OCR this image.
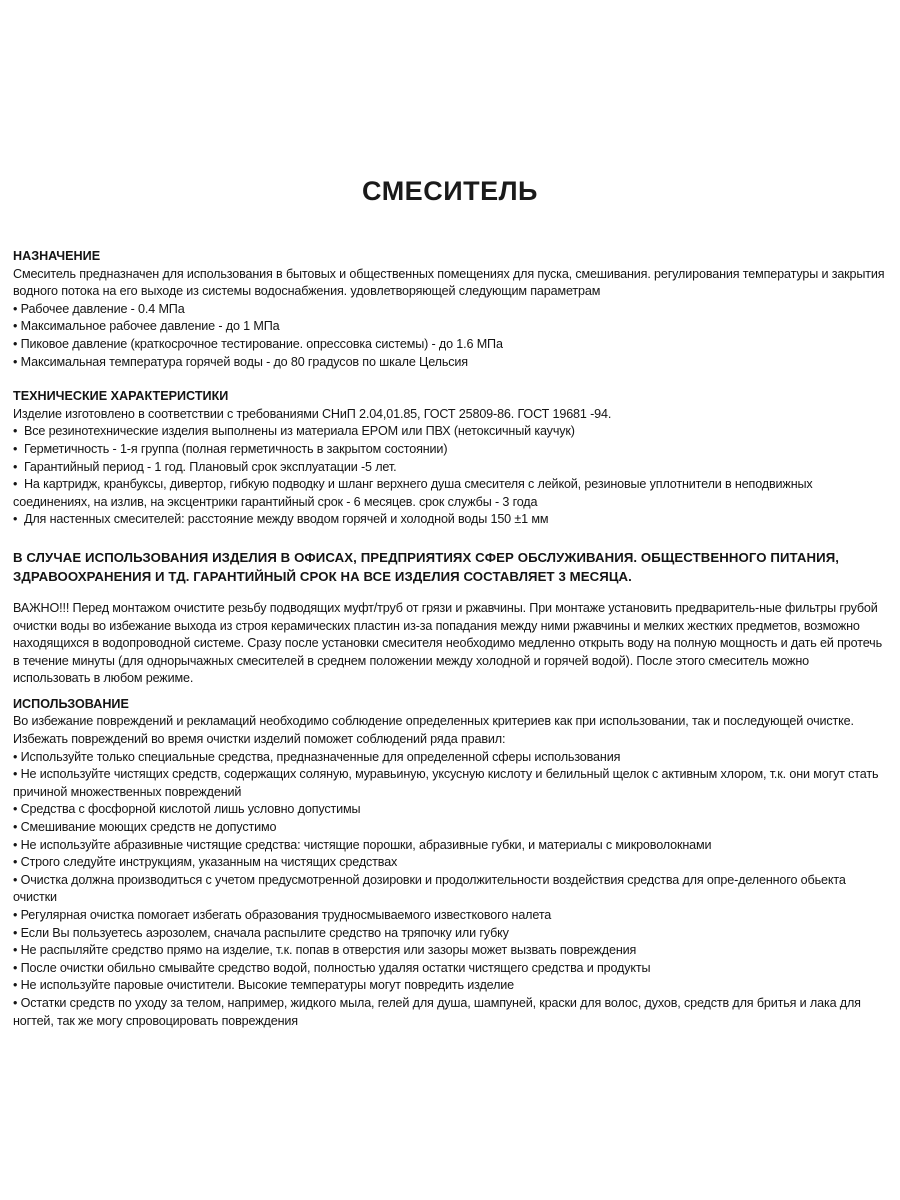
СМЕСИТЕЛЬ

НАЗНАЧЕНИЕ

Смеситель предназначен для использования в бытовых и общественных помещениях для пуска, смешивания. регулирования температуры и закрытия водного потока на его выходе из системы водоснабжения. удовлетворяющей следующим параметрам

• Рабочее давление - 0.4 МПа

• Максимальное рабочее давление - до 1 МПа

• Пиковое давление (краткосрочное тестирование. опрессовка системы) - до 1.6 МПа

• Максимальная температура горячей воды - до 80 градусов по шкале Цельсия

ТЕХНИЧЕСКИЕ ХАРАКТЕРИСТИКИ

Изделие изготовлено в соответствии с требованиями СНиП 2.04,01.85, ГОСТ 25809-86. ГОСТ 19681 -94.

•  Все резинотехнические изделия выполнены из материала EPOM или ПВХ (нетоксичный каучук)

•  Герметичность - 1-я группа (полная герметичность в закрытом состоянии)

•  Гарантийный период - 1 год. Плановый срок эксплуатации -5 лет.

•  На картридж, кранбуксы, дивертор, гибкую подводку и шланг верхнего душа смесителя с лейкой, резиновые уплотнители в неподвижных соединениях, на излив, на эксцентрики гарантийный срок - 6 месяцев. срок службы - 3 года

•  Для настенных смесителей: расстояние между вводом горячей и холодной воды 150 ±1 мм

В СЛУЧАЕ ИСПОЛЬЗОВАНИЯ ИЗДЕЛИЯ В ОФИСАХ, ПРЕДПРИЯТИЯХ СФЕР ОБСЛУЖИВАНИЯ. ОБЩЕСТВЕННОГО ПИТАНИЯ, ЗДРАВООХРАНЕНИЯ И ТД. ГАРАНТИЙНЫЙ СРОК НА ВСЕ ИЗДЕЛИЯ СОСТАВЛЯЕТ 3 МЕСЯЦА.

ВАЖНО!!! Перед монтажом очистите резьбу подводящих муфт/труб от грязи и ржавчины. При монтаже установить предваритель-ные фильтры грубой очистки воды во избежание выхода из строя керамических пластин из-за попадания между ними ржавчины и мелких жестких предметов, возможно находящихся в водопроводной системе. Сразу после установки смесителя необходимо медленно открыть воду на полную мощность и дать ей протечь в течение минуты (для однорычажных смесителей в среднем положении между холодной и горячей водой). После этого смеситель можно использовать в любом режиме.

ИСПОЛЬЗОВАНИЕ

Во избежание повреждений и рекламаций необходимо соблюдение определенных критериев как при использовании, так и последующей очистке. Избежать повреждений во время очистки изделий поможет соблюдений ряда правил:

• Используйте только специальные средства, предназначенные для определенной сферы использования

• Не используйте чистящих средств, содержащих соляную, муравьиную, уксусную кислоту и белильный щелок с активным хлором, т.к. они могут стать причиной множественных повреждений

• Средства с фосфорной кислотой лишь условно допустимы

• Смешивание моющих средств не допустимо

• Не используйте абразивные чистящие средства: чистящие порошки, абразивные губки, и материалы с микроволокнами

• Строго следуйте инструкциям, указанным на чистящих средствах

• Очистка должна производиться с учетом предусмотренной дозировки и продолжительности воздействия средства для опре-деленного обьекта очистки

• Регулярная очистка помогает избегать образования трудносмываемого известкового налета

• Если Вы пользуетесь аэрозолем, сначала распылите средство на тряпочку или губку

• Не распыляйте средство прямо на изделие, т.к. попав в отверстия или зазоры может вызвать повреждения

• После очистки обильно смывайте средство водой, полностью удаляя остатки чистящего средства и продукты

• Не используйте паровые очистители. Высокие температуры могут повредить изделие

• Остатки средств по уходу за телом, например, жидкого мыла, гелей для душа, шампуней, краски для волос, духов, средств для бритья и лака для ногтей, так же могу спровоцировать повреждения
